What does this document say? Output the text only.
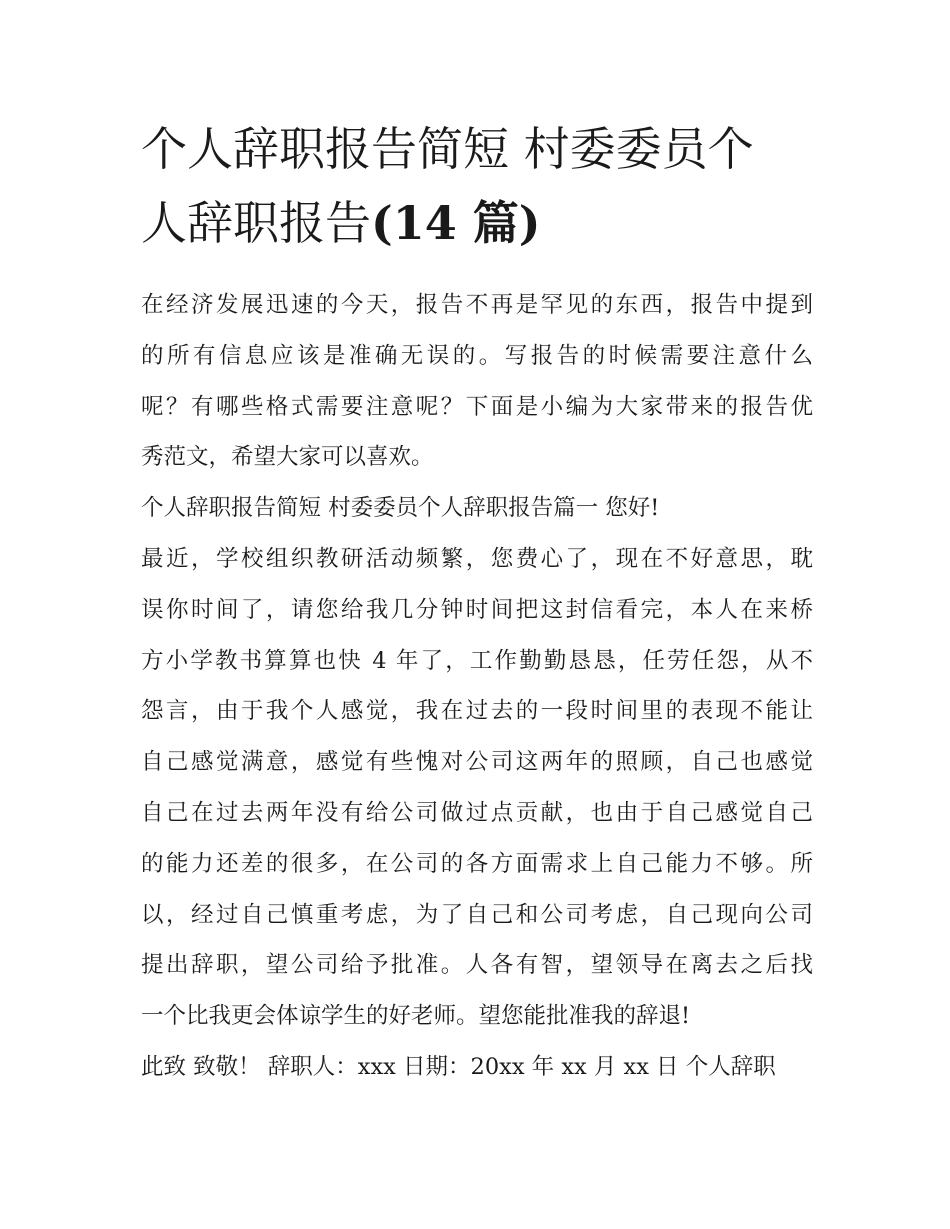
个人辞职报告简短 村委委员个
人辞职报告(14 篇)
在经济发展迅速的今天，报告不再是罕见的东西，报告中提到
的所有信息应该是准确无误的。写报告的时候需要注意什么
呢？有哪些格式需要注意呢？下面是小编为大家带来的报告优
秀范文，希望大家可以喜欢。
个人辞职报告简短 村委委员个人辞职报告篇一 您好!
最近，学校组织教研活动频繁，您费心了，现在不好意思，耽
误你时间了，请您给我几分钟时间把这封信看完，本人在来桥
方小学教书算算也快 4 年了，工作勤勤恳恳，任劳任怨，从不
怨言，由于我个人感觉，我在过去的一段时间里的表现不能让
自己感觉满意，感觉有些愧对公司这两年的照顾，自己也感觉
自己在过去两年没有给公司做过点贡献，也由于自己感觉自己
的能力还差的很多，在公司的各方面需求上自己能力不够。所
以，经过自己慎重考虑，为了自己和公司考虑，自己现向公司
提出辞职，望公司给予批准。人各有智，望领导在离去之后找
一个比我更会体谅学生的好老师。望您能批准我的辞退!
此致 致敬！ 辞职人：xxx 日期：20xx 年 xx 月 xx 日 个人辞职
